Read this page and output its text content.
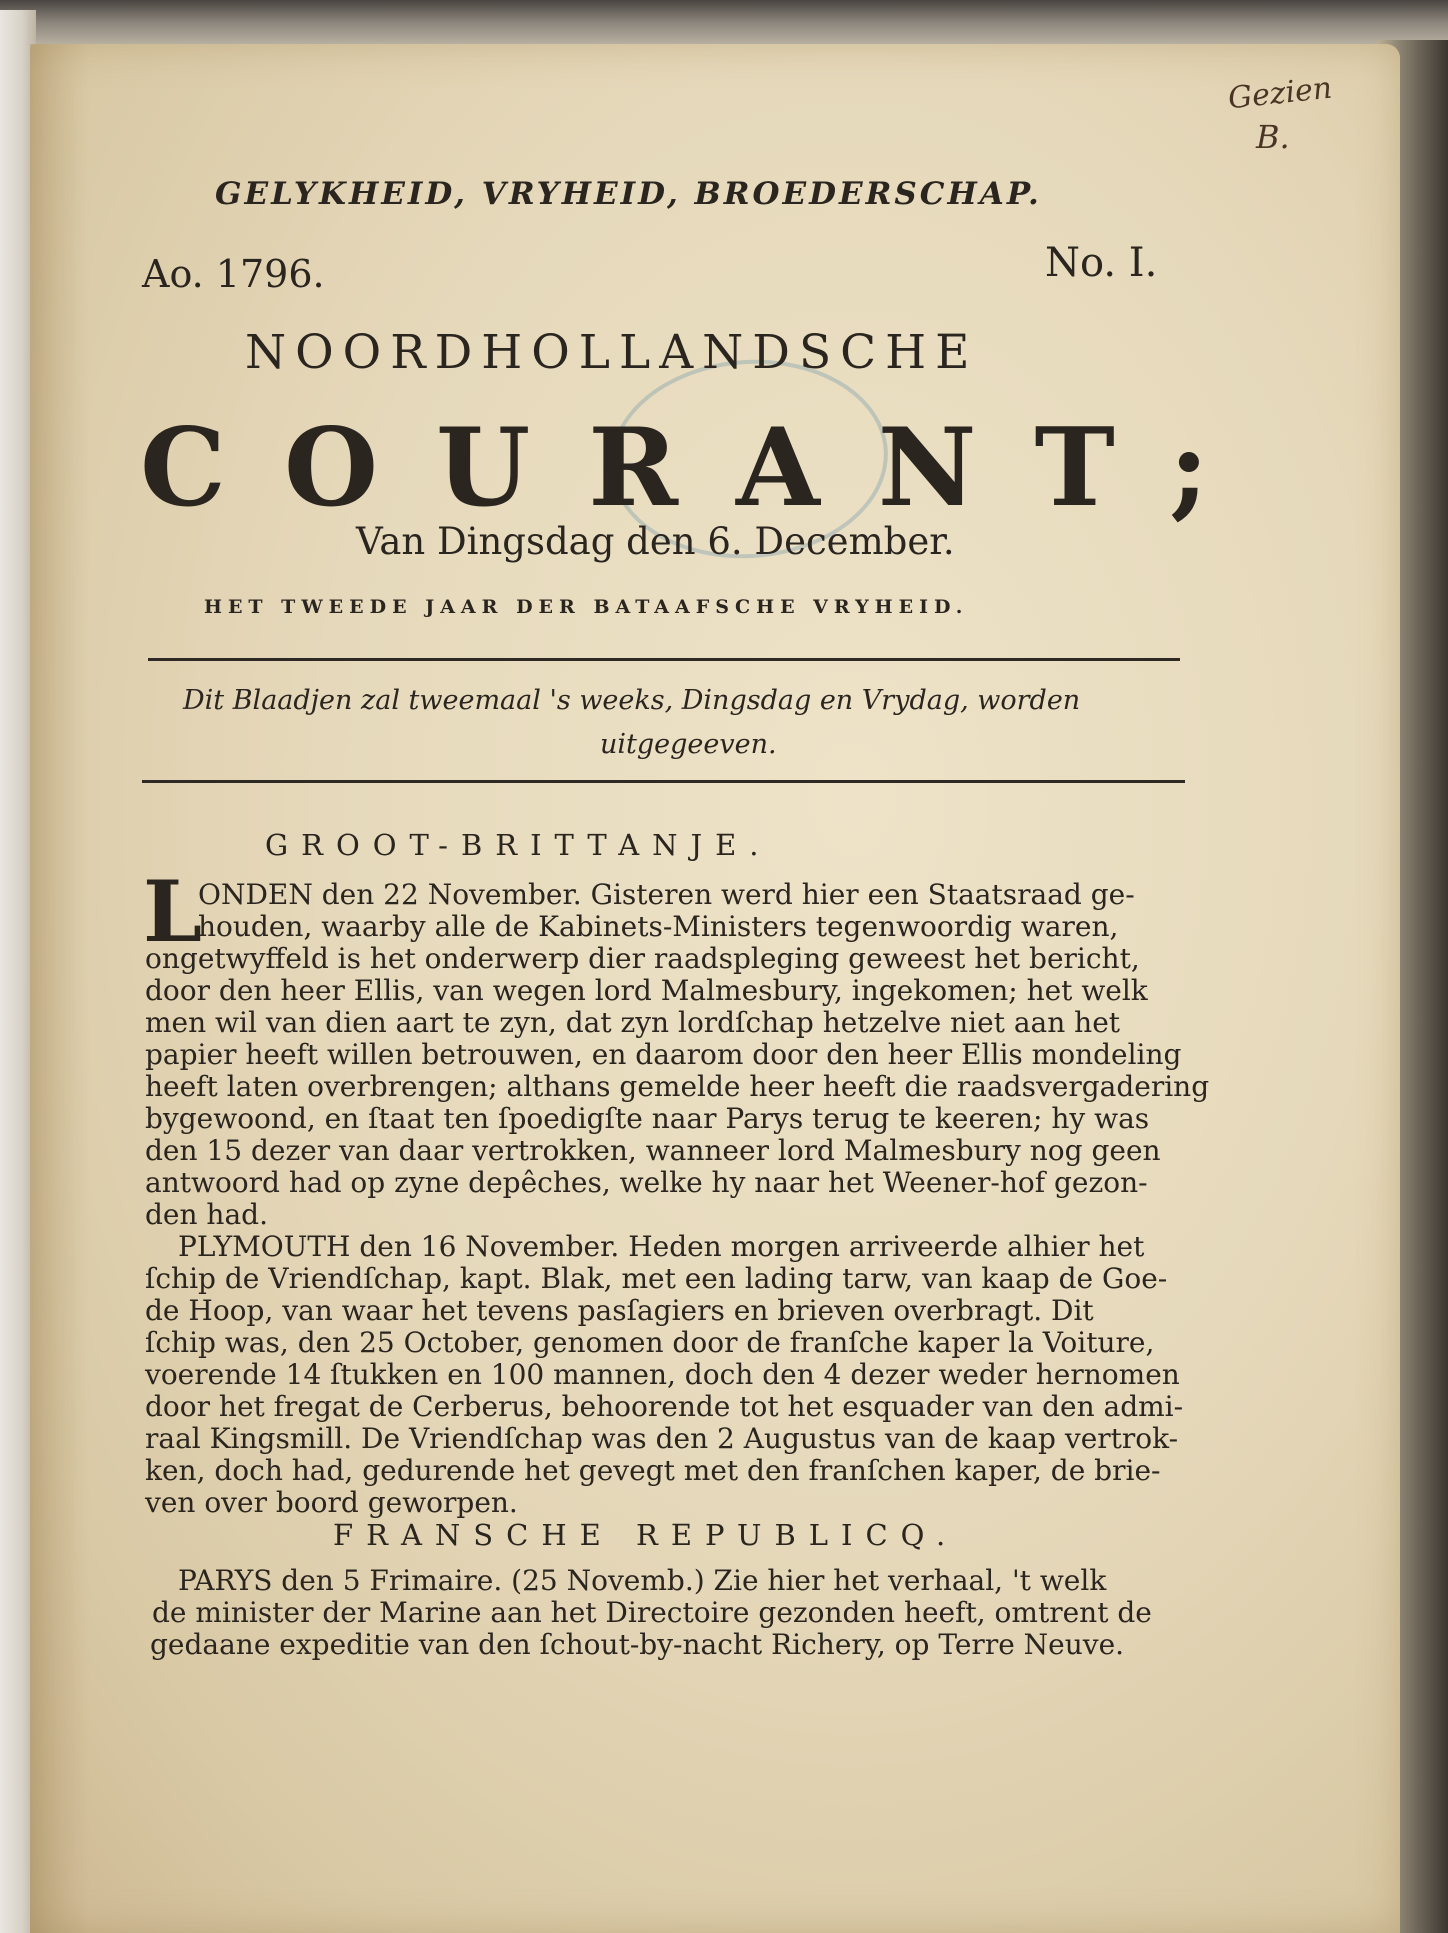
Gezien
B.
GELYKHEID, VRYHEID, BROEDERSCHAP.
Ao. 1796.	No. I.
NOORDHOLLANDSCHE
COURANT;
Van Dingsdag den 6. December.
HET TWEEDE JAAR DER BATAAFSCHE VRYHEID.
Dit Blaadjen zal tweemaal 's weeks, Dingsdag en Vrydag, worden
uitgegeeven.
GROOT-BRITTANJE.
L
ONDEN den 22 November. Gisteren werd hier een Staatsraad ge-
houden, waarby alle de Kabinets-Ministers tegenwoordig waren,
ongetwyffeld is het onderwerp dier raadspleging geweest het bericht,
door den heer Ellis, van wegen lord Malmesbury, ingekomen; het welk
men wil van dien aart te zyn, dat zyn lordſchap hetzelve niet aan het
papier heeft willen betrouwen, en daarom door den heer Ellis mondeling
heeft laten overbrengen; althans gemelde heer heeft die raadsvergadering
bygewoond, en ſtaat ten ſpoedigſte naar Parys terug te keeren; hy was
den 15 dezer van daar vertrokken, wanneer lord Malmesbury nog geen
antwoord had op zyne depêches, welke hy naar het Weener-hof gezon-
den had.
PLYMOUTH den 16 November. Heden morgen arriveerde alhier het
ſchip de Vriendſchap, kapt. Blak, met een lading tarw, van kaap de Goe-
de Hoop, van waar het tevens pasſagiers en brieven overbragt. Dit
ſchip was, den 25 October, genomen door de franſche kaper la Voiture,
voerende 14 ſtukken en 100 mannen, doch den 4 dezer weder hernomen
door het fregat de Cerberus, behoorende tot het esquader van den admi-
raal Kingsmill. De Vriendſchap was den 2 Augustus van de kaap vertrok-
ken, doch had, gedurende het gevegt met den franſchen kaper, de brie-
ven over boord geworpen.
FRANSCHE REPUBLICQ.
PARYS den 5 Frimaire. (25 Novemb.) Zie hier het verhaal, 't welk
de minister der Marine aan het Directoire gezonden heeft, omtrent de
gedaane expeditie van den ſchout-by-nacht Richery, op Terre Neuve.
